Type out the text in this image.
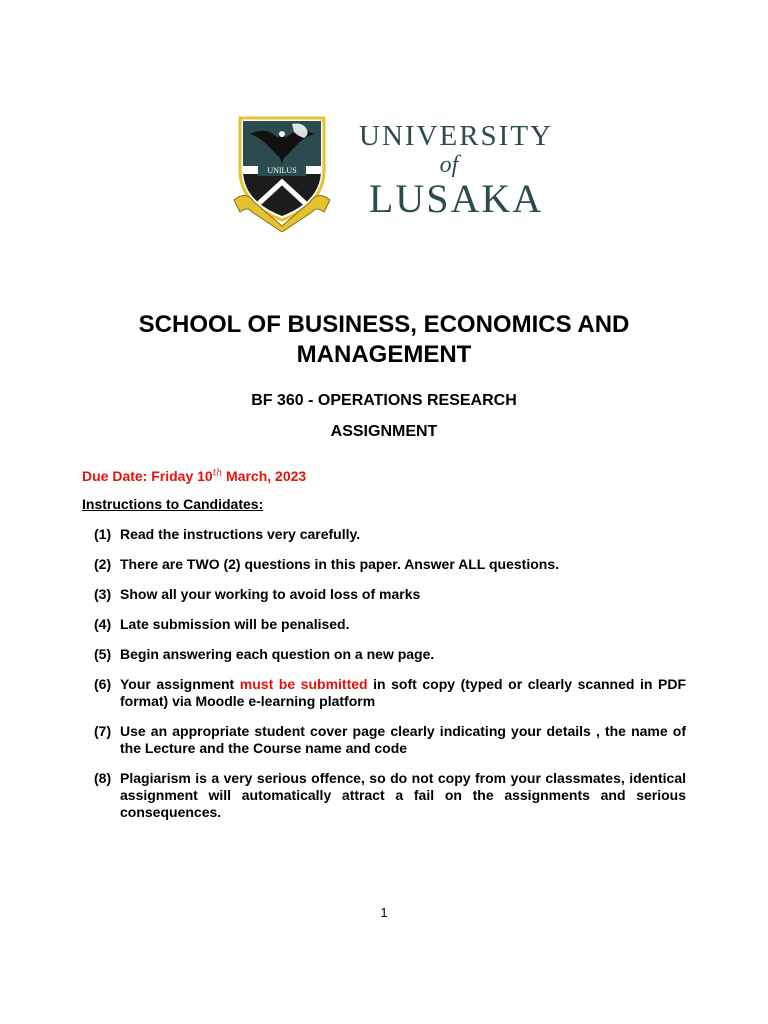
UNILUS
UNIVERSITY
of
LUSAKA
SCHOOL OF BUSINESS, ECONOMICS AND MANAGEMENT
BF 360 - OPERATIONS RESEARCH
ASSIGNMENT
Due Date: Friday 10th March, 2023
Instructions to Candidates:
(1) Read the instructions very carefully.
(2) There are TWO (2) questions in this paper. Answer ALL questions.
(3) Show all your working to avoid loss of marks
(4) Late submission will be penalised.
(5) Begin answering each question on a new page.
(6) Your assignment must be submitted in soft copy (typed or clearly scanned in PDF format) via Moodle e-learning platform
(7) Use an appropriate student cover page clearly indicating your details , the name of the Lecture and the Course name and code
(8) Plagiarism is a very serious offence, so do not copy from your classmates, identical assignment will automatically attract a fail on the assignments and serious consequences.
1
